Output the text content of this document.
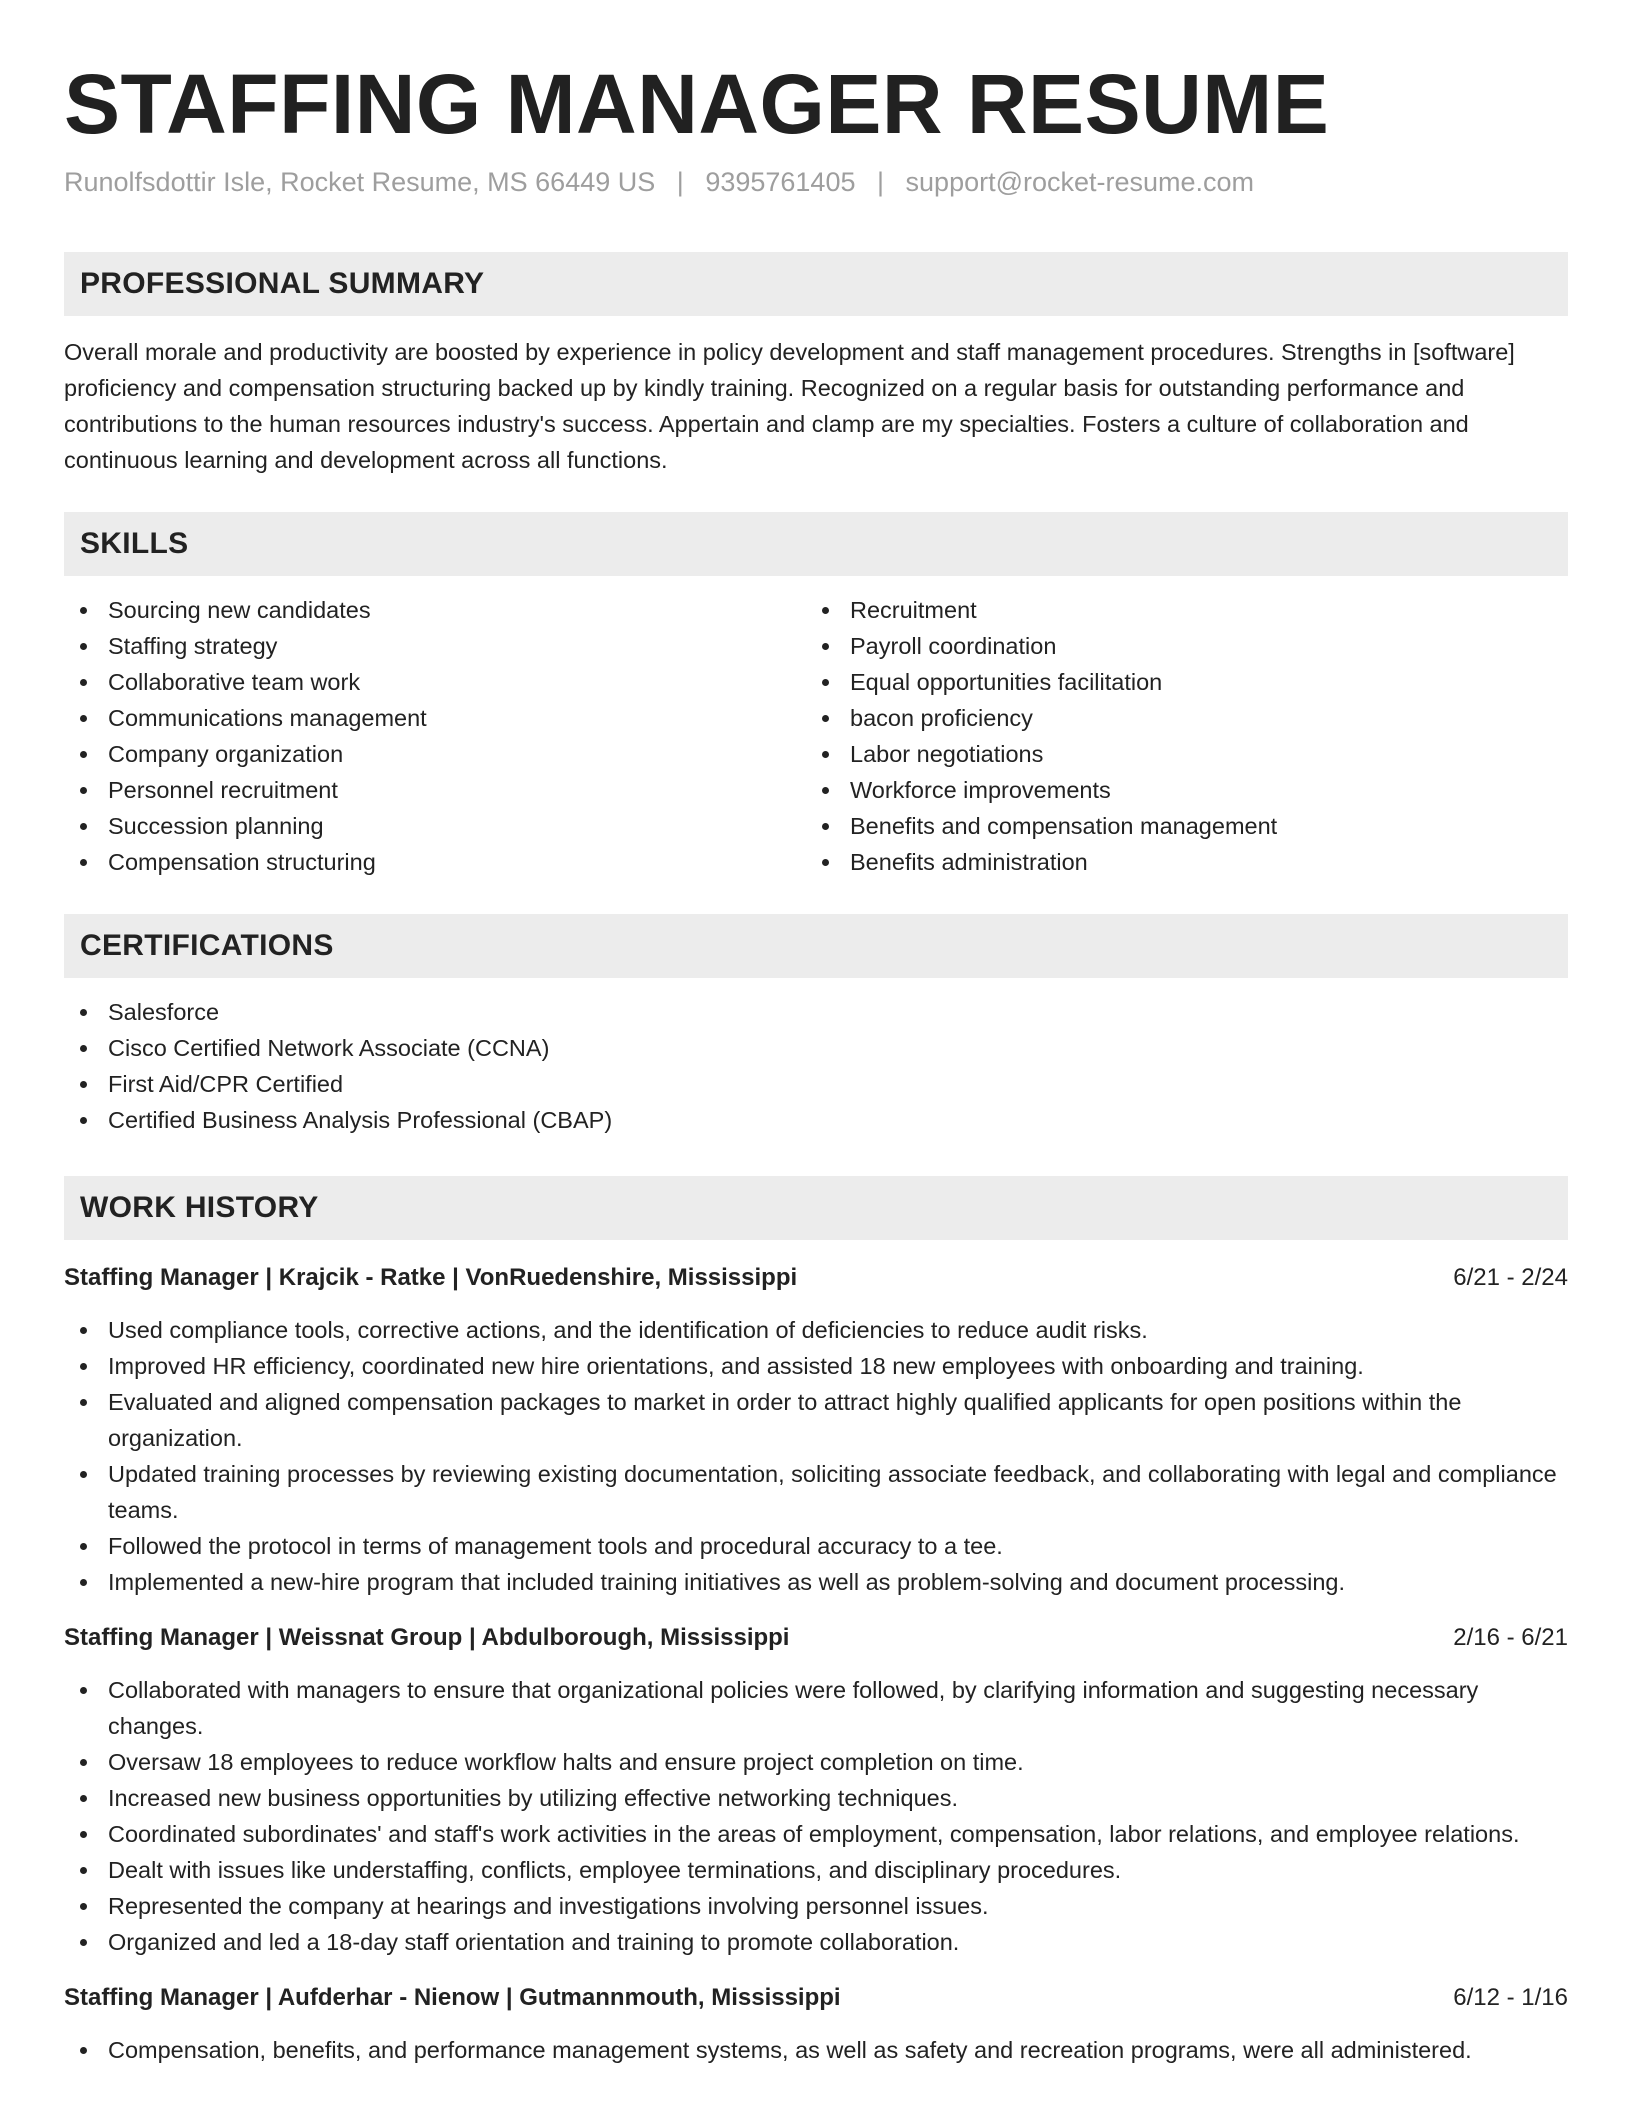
STAFFING MANAGER RESUME
Runolfsdottir Isle, Rocket Resume, MS 66449 US | 9395761405 | support@rocket-resume.com
PROFESSIONAL SUMMARY

Overall morale and productivity are boosted by experience in policy development and staff management procedures. Strengths in [software] proficiency and compensation structuring backed up by kindly training. Recognized on a regular basis for outstanding performance and contributions to the human resources industry's success. Appertain and clamp are my specialties. Fosters a culture of collaboration and continuous learning and development across all functions.

SKILLS
Sourcing new candidates
Staffing strategy
Collaborative team work
Communications management
Company organization
Personnel recruitment
Succession planning
Compensation structuring
Recruitment
Payroll coordination
Equal opportunities facilitation
bacon proficiency
Labor negotiations
Workforce improvements
Benefits and compensation management
Benefits administration
CERTIFICATIONS
Salesforce
Cisco Certified Network Associate (CCNA)
First Aid/CPR Certified
Certified Business Analysis Professional (CBAP)
WORK HISTORY
Staffing Manager | Krajcik - Ratke | VonRuedenshire, Mississippi	6/21 - 2/24
Used compliance tools, corrective actions, and the identification of deficiencies to reduce audit risks.
Improved HR efficiency, coordinated new hire orientations, and assisted 18 new employees with onboarding and training.
Evaluated and aligned compensation packages to market in order to attract highly qualified applicants for open positions within the organization.
Updated training processes by reviewing existing documentation, soliciting associate feedback, and collaborating with legal and compliance teams.
Followed the protocol in terms of management tools and procedural accuracy to a tee.
Implemented a new-hire program that included training initiatives as well as problem-solving and document processing.
Staffing Manager | Weissnat Group | Abdulborough, Mississippi	2/16 - 6/21
Collaborated with managers to ensure that organizational policies were followed, by clarifying information and suggesting necessary changes.
Oversaw 18 employees to reduce workflow halts and ensure project completion on time.
Increased new business opportunities by utilizing effective networking techniques.
Coordinated subordinates' and staff's work activities in the areas of employment, compensation, labor relations, and employee relations.
Dealt with issues like understaffing, conflicts, employee terminations, and disciplinary procedures.
Represented the company at hearings and investigations involving personnel issues.
Organized and led a 18-day staff orientation and training to promote collaboration.
Staffing Manager | Aufderhar - Nienow | Gutmannmouth, Mississippi	6/12 - 1/16
Compensation, benefits, and performance management systems, as well as safety and recreation programs, were all administered.
